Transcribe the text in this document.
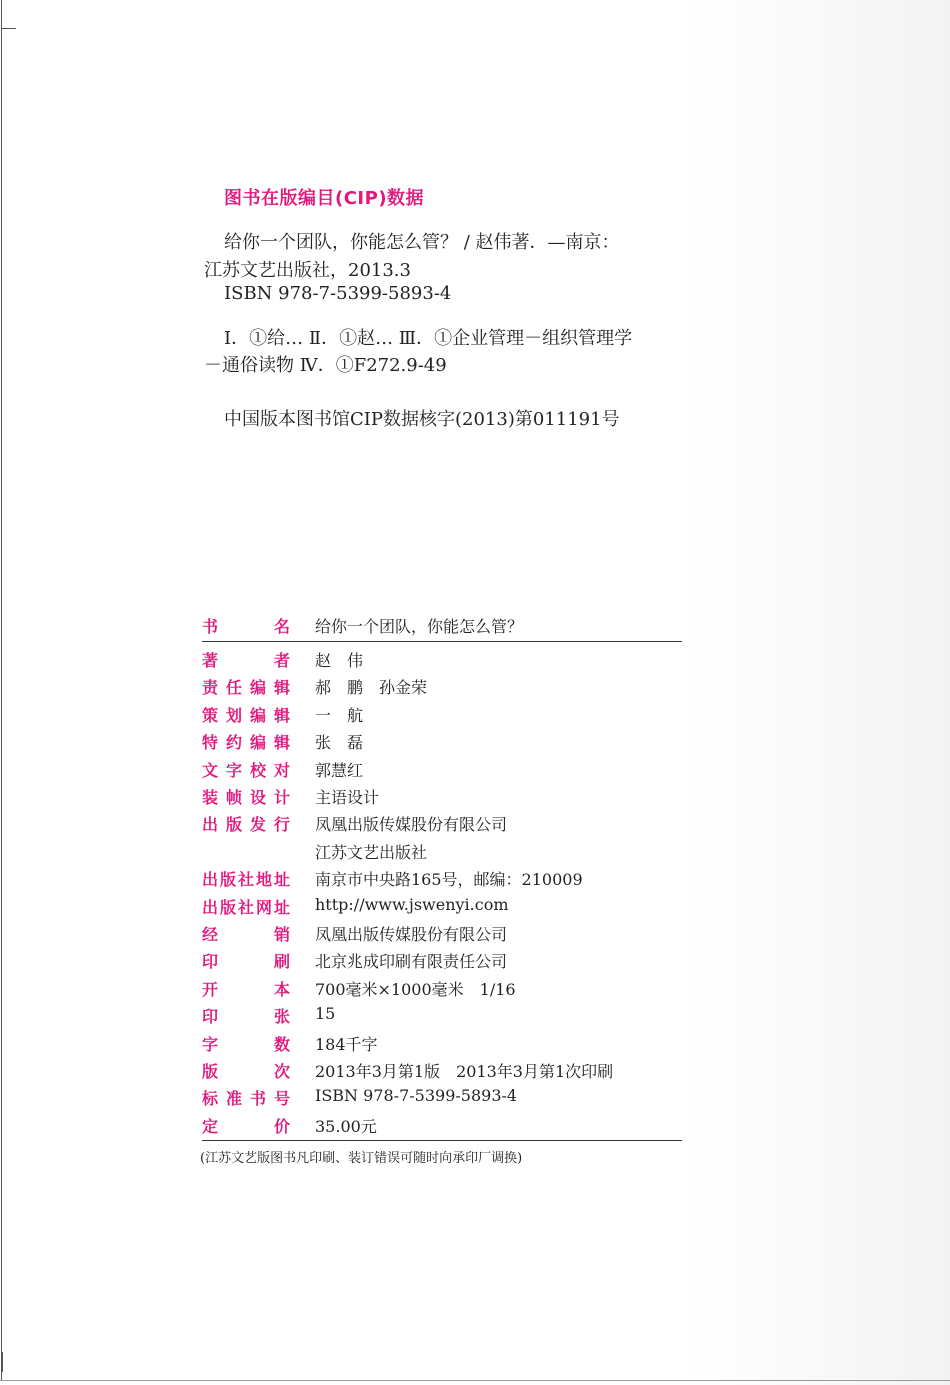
图书在版编目(CIP)数据
给你一个团队，你能怎么管？ / 赵伟著．—南京：
江苏文艺出版社，2013.3
ISBN 978-7-5399-5893-4
Ⅰ．①给… Ⅱ．①赵… Ⅲ．①企业管理－组织管理学
－通俗读物 Ⅳ．①F272.9-49
中国版本图书馆CIP数据核字(2013)第011191号
书	名 给你一个团队，你能怎么管？
著	者 赵　伟
责 任 编 辑 郝　鹏　孙金荣
策 划 编 辑 一　航
特 约 编 辑 张　磊
文 字 校 对 郭慧红
装 帧 设 计 主语设计
出 版 发 行 凤凰出版传媒股份有限公司
江苏文艺出版社
出 版 社 地 址 南京市中央路165号，邮编：210009
出 版 社 网 址 http://www.jswenyi.com
经	销 凤凰出版传媒股份有限公司
印	刷 北京兆成印刷有限责任公司
开	本 700毫米×1000毫米　1/16
印	张 15
字	数 184千字
版	次 2013年3月第1版　2013年3月第1次印刷
标 准 书 号 ISBN 978-7-5399-5893-4
定	价 35.00元
(江苏文艺版图书凡印刷、装订错误可随时向承印厂调换)
